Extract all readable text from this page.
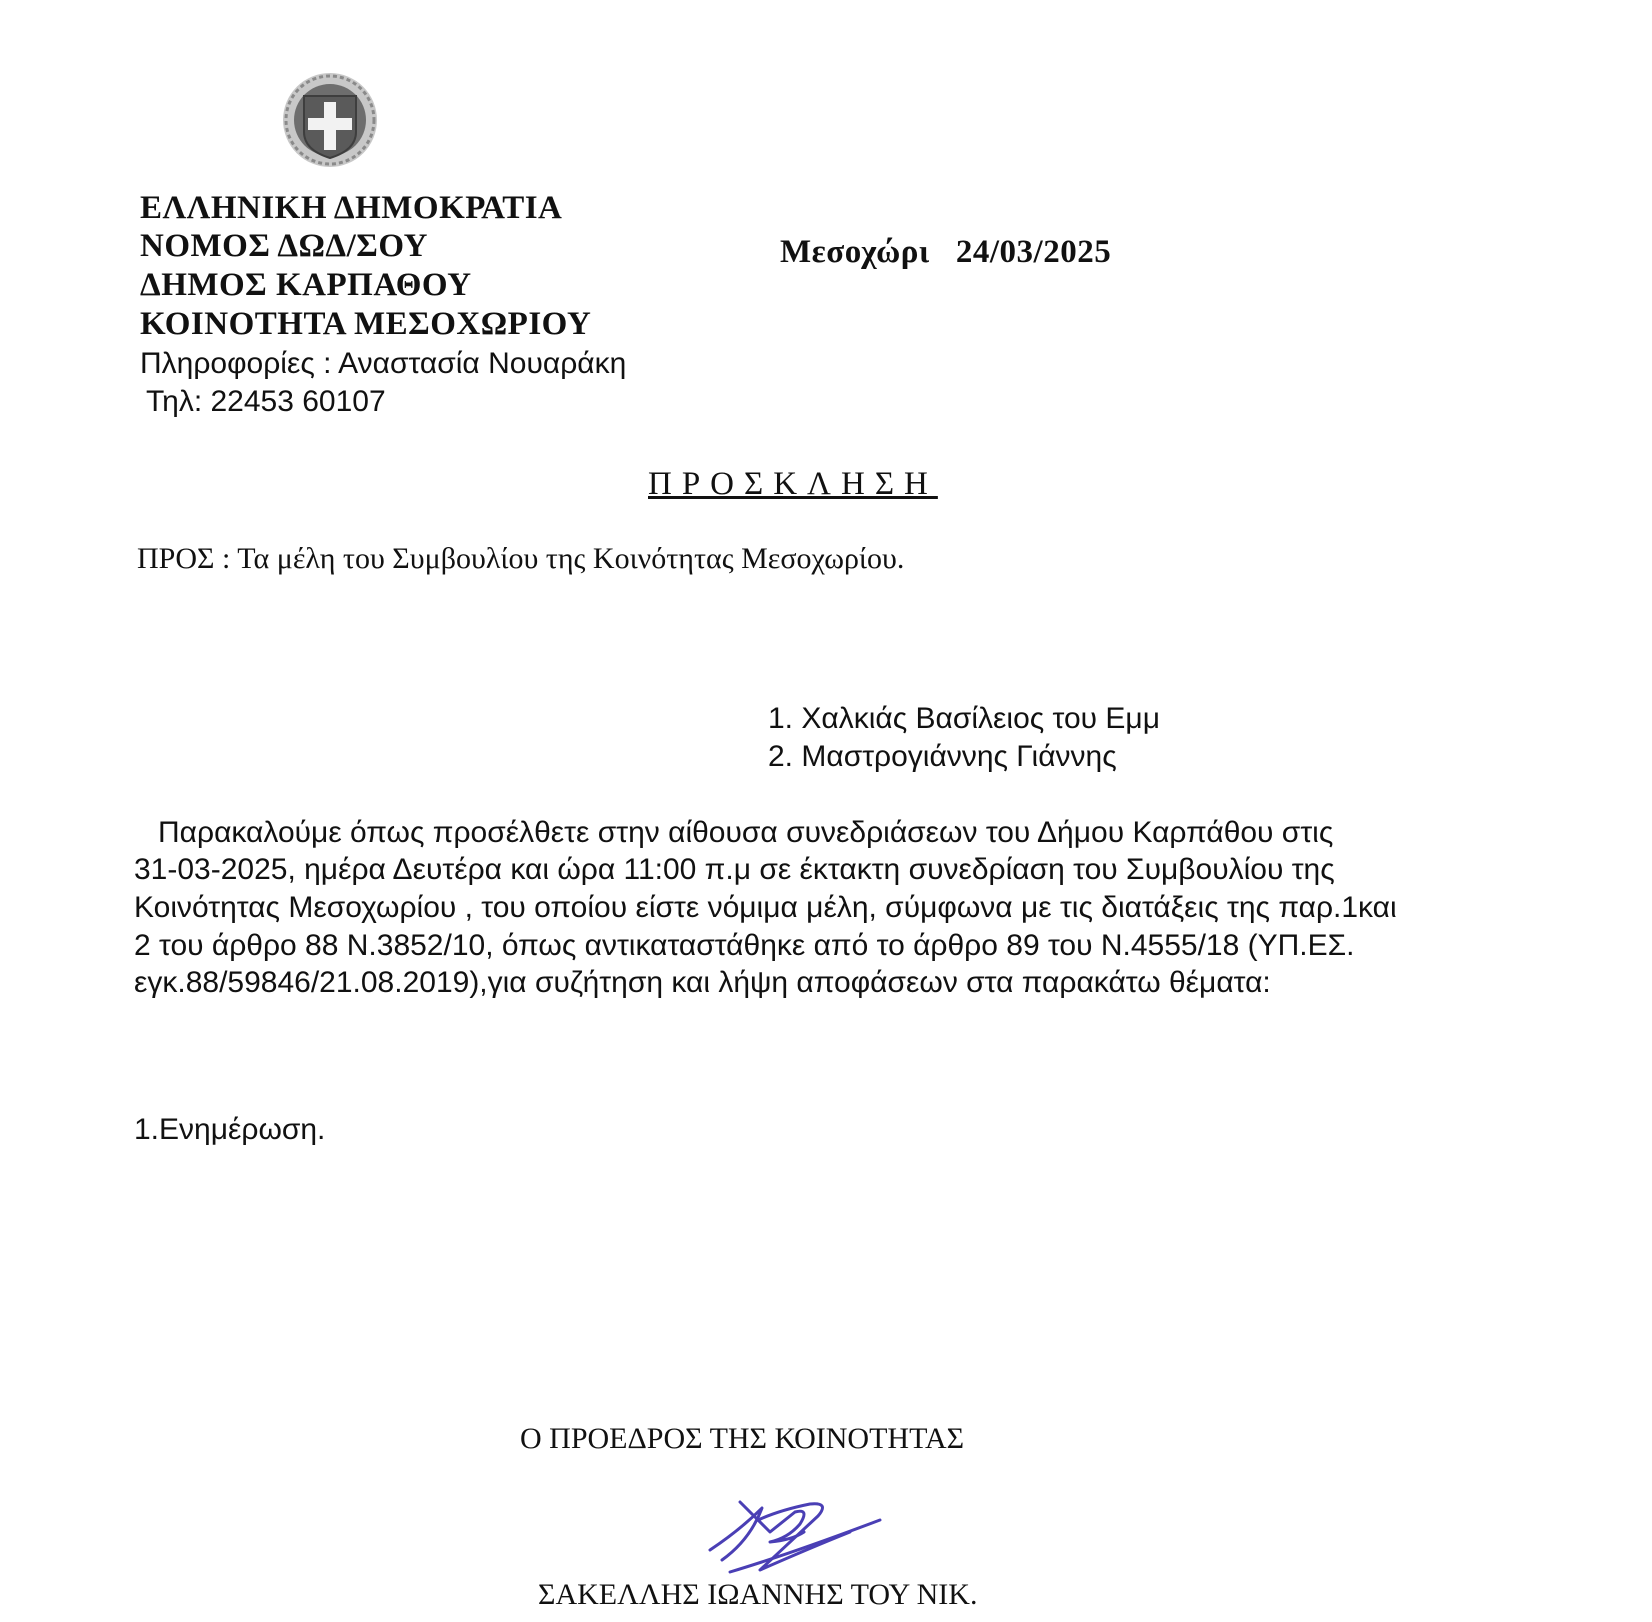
ΕΛΛΗΝΙΚΗ ΔΗΜΟΚΡΑΤΙΑ
ΝΟΜΟΣ ΔΩΔ/ΣΟΥ
ΔΗΜΟΣ ΚΑΡΠΑΘΟΥ
ΚΟΙΝΟΤΗΤΑ ΜΕΣΟΧΩΡΙΟΥ
Πληροφορίες : Αναστασία Νουαράκη
Τηλ: 22453 60107
Μεσοχώρι 24/03/2025
ΠΡΟΣΚΛΗΣΗ
ΠΡΟΣ : Τα μέλη του Συμβουλίου της Κοινότητας Μεσοχωρίου.
1. Χαλκιάς Βασίλειος του Εμμ
2. Μαστρογιάννης Γιάννης
Παρακαλούμε όπως προσέλθετε στην αίθουσα συνεδριάσεων του Δήμου Καρπάθου στις
31-03-2025, ημέρα Δευτέρα και ώρα 11:00 π.μ σε έκτακτη συνεδρίαση του Συμβουλίου της
Κοινότητας Μεσοχωρίου , του οποίου είστε νόμιμα μέλη, σύμφωνα με τις διατάξεις της παρ.1και
2 του άρθρο 88 Ν.3852/10, όπως αντικαταστάθηκε από το άρθρο 89 του Ν.4555/18 (ΥΠ.ΕΣ.
εγκ.88/59846/21.08.2019),για συζήτηση και λήψη αποφάσεων στα παρακάτω θέματα:
1.Ενημέρωση.
Ο ΠΡΟΕΔΡΟΣ ΤΗΣ ΚΟΙΝΟΤΗΤΑΣ
ΣΑΚΕΛΛΗΣ ΙΩΑΝΝΗΣ ΤΟΥ ΝΙΚ.
